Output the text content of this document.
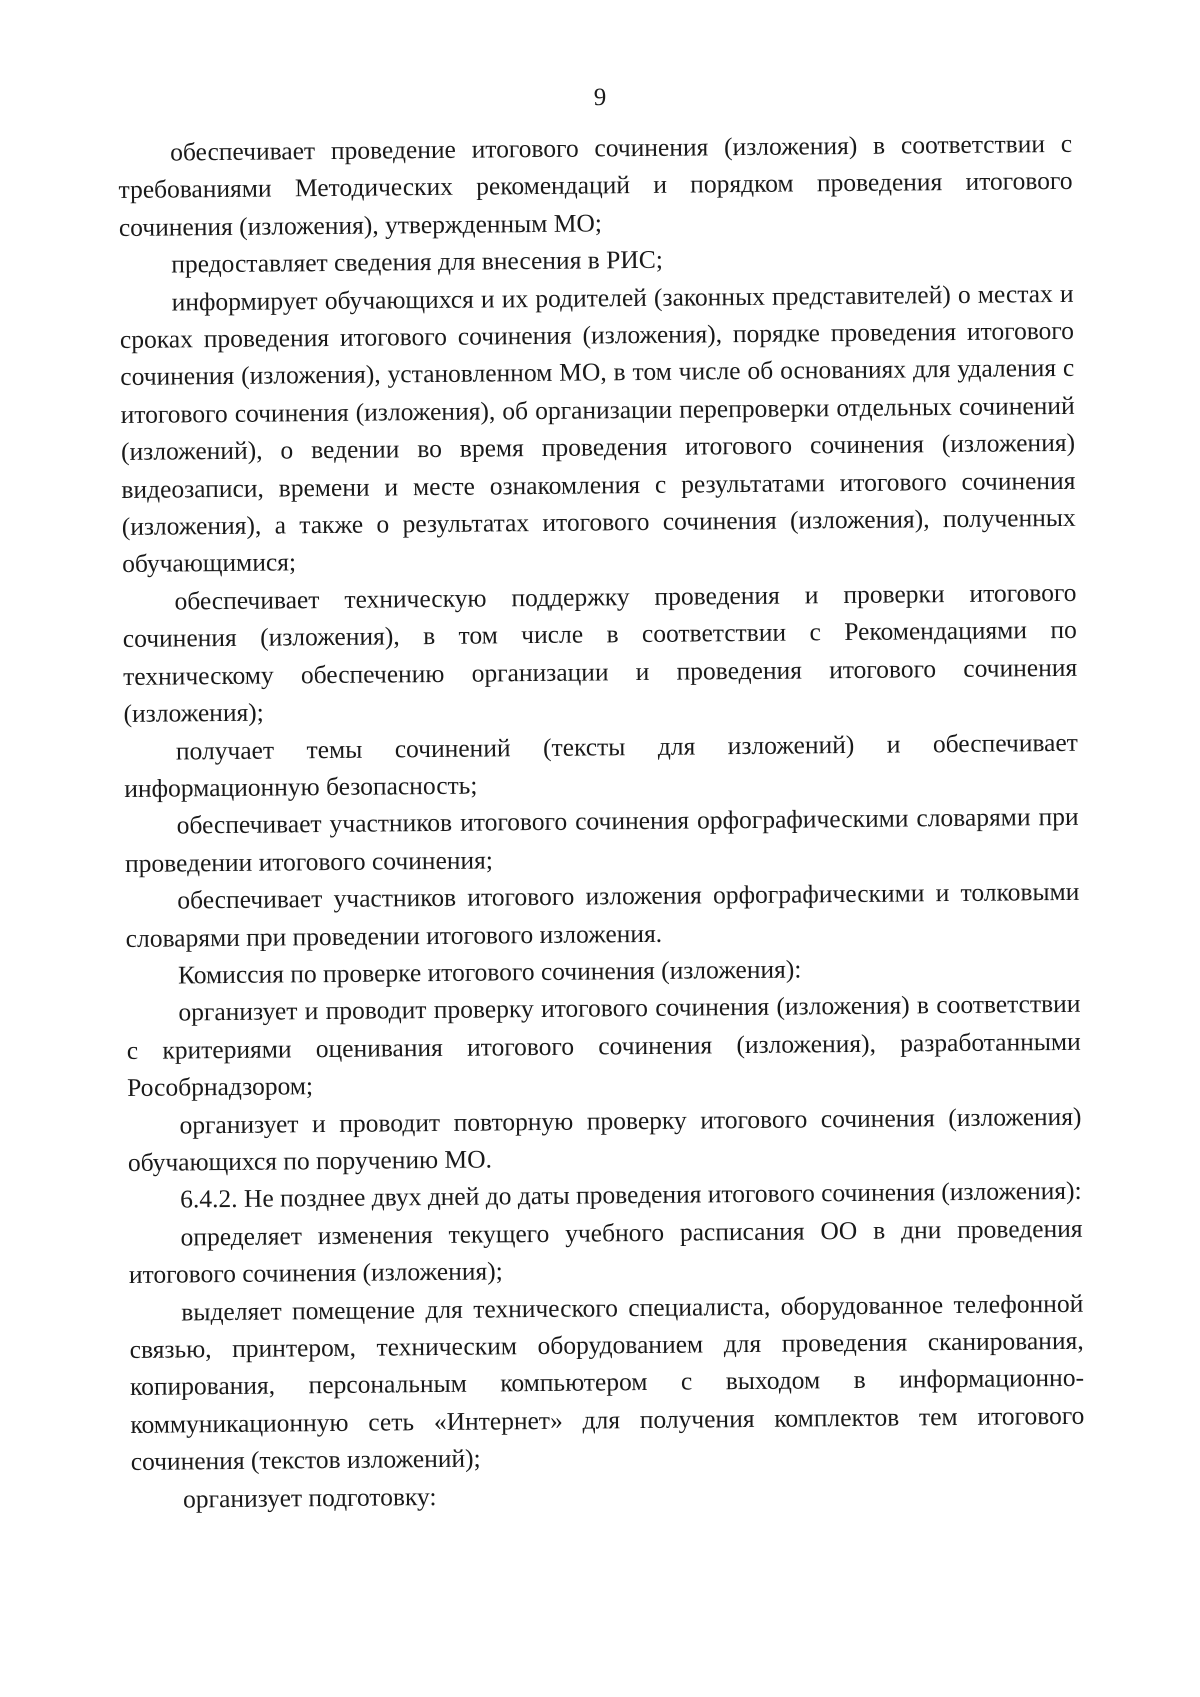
9

обеспечивает проведение итогового сочинения (изложения) в соответствии с требованиями Методических рекомендаций и порядком проведения итогового сочинения (изложения), утвержденным МО;

предоставляет сведения для внесения в РИС;

информирует обучающихся и их родителей (законных представителей) о местах и сроках проведения итогового сочинения (изложения), порядке проведения итогового сочинения (изложения), установленном МО, в том числе об основаниях для удаления с итогового сочинения (изложения), об организации перепроверки отдельных сочинений (изложений), о ведении во время проведения итогового сочинения (изложения) видеозаписи, времени и месте ознакомления с результатами итогового сочинения (изложения), а также о результатах итогового сочинения (изложения), полученных обучающимися;

обеспечивает техническую поддержку проведения и проверки итогового сочинения (изложения), в том числе в соответствии с Рекомендациями по техническому обеспечению организации и проведения итогового сочинения (изложения);

получает темы сочинений (тексты для изложений) и обеспечивает информационную безопасность;

обеспечивает участников итогового сочинения орфографическими словарями при проведении итогового сочинения;

обеспечивает участников итогового изложения орфографическими и толковыми словарями при проведении итогового изложения.

Комиссия по проверке итогового сочинения (изложения):

организует и проводит проверку итогового сочинения (изложения) в соответствии с критериями оценивания итогового сочинения (изложения), разработанными Рособрнадзором;

организует и проводит повторную проверку итогового сочинения (изложения) обучающихся по поручению МО.

6.4.2. Не позднее двух дней до даты проведения итогового сочинения (изложения):

определяет изменения текущего учебного расписания ОО в дни проведения итогового сочинения (изложения);

выделяет помещение для технического специалиста, оборудованное телефонной связью, принтером, техническим оборудованием для проведения сканирования, копирования, персональным компьютером с выходом в информационно-коммуникационную сеть «Интернет» для получения комплектов тем итогового сочинения (текстов изложений);

организует подготовку:
